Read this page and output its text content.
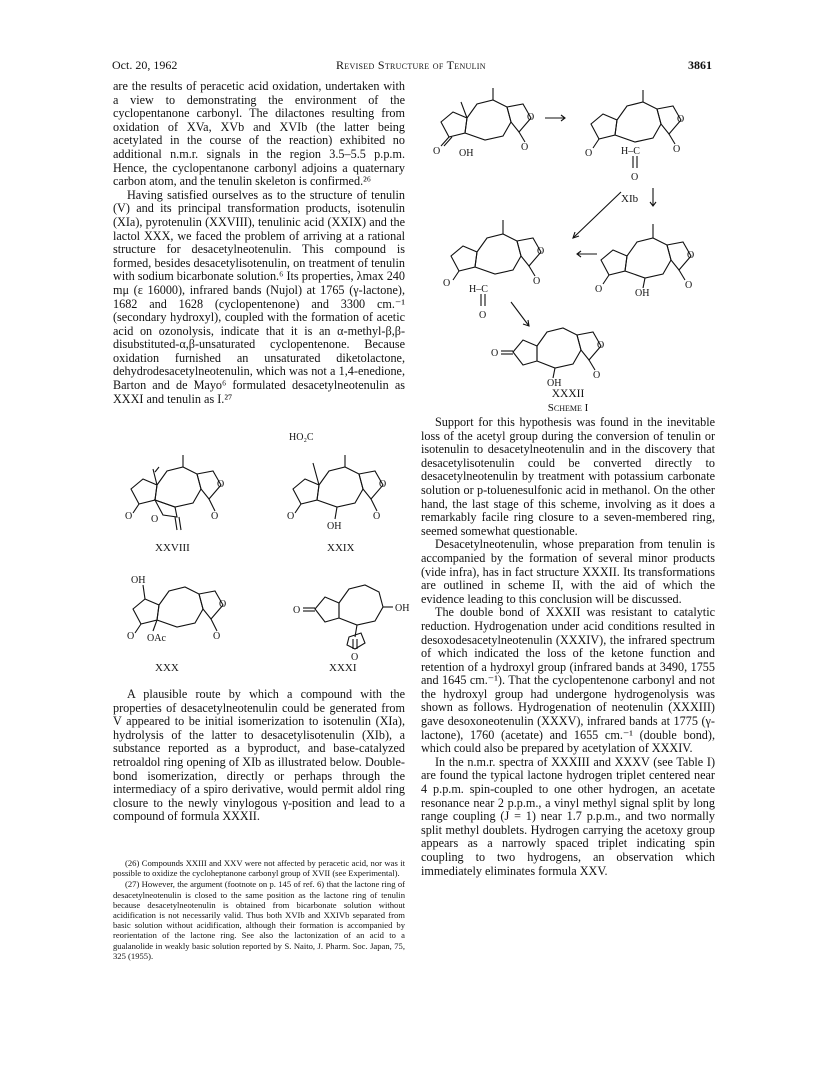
Oct. 20, 1962	Revised Structure of Tenulin	3861

are the results of peracetic acid oxidation, undertaken with a view to demonstrating the environment of the cyclopentanone carbonyl. The dilactones resulting from oxidation of XVa, XVb and XVIb (the latter being acetylated in the course of the reaction) exhibited no additional n.m.r. signals in the region 3.5–5.5 p.p.m. Hence, the cyclopentanone carbonyl adjoins a quaternary carbon atom, and the tenulin skeleton is confirmed.²⁶

Having satisfied ourselves as to the structure of tenulin (V) and its principal transformation products, isotenulin (XIa), pyrotenulin (XXVIII), tenulinic acid (XXIX) and the lactol XXX, we faced the problem of arriving at a rational structure for desacetylneotenulin. This compound is formed, besides desacetylisotenulin, on treatment of tenulin with sodium bicarbonate solution.⁶ Its properties, λmax 240 mμ (ε 16000), infrared bands (Nujol) at 1765 (γ-lactone), 1682 and 1628 (cyclopentenone) and 3300 cm.⁻¹ (secondary hydroxyl), coupled with the formation of acetic acid on ozonolysis, indicate that it is an α-methyl-β,β-disubstituted-α,β-unsaturated cyclopentenone. Because oxidation furnished an unsaturated diketolactone, dehydrodesacetylneotenulin, which was not a 1,4-enedione, Barton and de Mayo⁶ formulated desacetylneotenulin as XXXI and tenulin as I.²⁷

O
O	O
O
HO₂C
O
O	O
OH
OH
O
O	O
OAc
O	OH
O
XXVIII	XXIX
XXX	XXXI

A plausible route by which a compound with the properties of desacetylneotenulin could be generated from V appeared to be initial isomerization to isotenulin (XIa), hydrolysis of the latter to desacetylisotenulin (XIb), a substance reported as a byproduct, and base-catalyzed retroaldol ring opening of XIb as illustrated below. Double-bond isomerization, directly or perhaps through the intermediacy of a spiro derivative, would permit aldol ring closure to the newly vinylogous γ-position and lead to a compound of formula XXXII.

(26) Compounds XXIII and XXV were not affected by peracetic acid, nor was it possible to oxidize the cycloheptanone carbonyl group of XVII (see Experimental).

(27) However, the argument (footnote on p. 145 of ref. 6) that the lactone ring of desacetylneotenulin is closed to the same position as the lactone ring of tenulin because desacetylneotenulin is obtained from bicarbonate solution without acidification is not necessarily valid. Thus both XVIb and XXIVb separated from basic solution without acidification, although their formation is accompanied by reorientation of the lactone ring. See also the lactonization of an acid to a gualanolide in weakly basic solution reported by S. Naito, J. Pharm. Soc. Japan, 75, 325 (1955).

O
O	O
OH
O
O	O
H–C
O
XIb
O
O	O
H–C
O
O
O	O
OH
O
O
O
OH
XXXII
Scheme I

Support for this hypothesis was found in the inevitable loss of the acetyl group during the conversion of tenulin or isotenulin to desacetylneotenulin and in the discovery that desacetylisotenulin could be converted directly to desacetylneotenulin by treatment with potassium carbonate solution or p-toluenesulfonic acid in methanol. On the other hand, the last stage of this scheme, involving as it does a remarkably facile ring closure to a seven-membered ring, seemed somewhat questionable.

Desacetylneotenulin, whose preparation from tenulin is accompanied by the formation of several minor products (vide infra), has in fact structure XXXII. Its transformations are outlined in scheme II, with the aid of which the evidence leading to this conclusion will be discussed.

The double bond of XXXII was resistant to catalytic reduction. Hydrogenation under acid conditions resulted in desoxodesacetylneotenulin (XXXIV), the infrared spectrum of which indicated the loss of the ketone function and retention of a hydroxyl group (infrared bands at 3490, 1755 and 1645 cm.⁻¹). That the cyclopentenone carbonyl and not the hydroxyl group had undergone hydrogenolysis was shown as follows. Hydrogenation of neotenulin (XXXIII) gave desoxoneotenulin (XXXV), infrared bands at 1775 (γ-lactone), 1760 (acetate) and 1655 cm.⁻¹ (double bond), which could also be prepared by acetylation of XXXIV.

In the n.m.r. spectra of XXXIII and XXXV (see Table I) are found the typical lactone hydrogen triplet centered near 4 p.p.m. spin-coupled to one other hydrogen, an acetate resonance near 2 p.p.m., a vinyl methyl signal split by long range coupling (J = 1) near 1.7 p.p.m., and two normally split methyl doublets. Hydrogen carrying the acetoxy group appears as a narrowly spaced triplet indicating spin coupling to two hydrogens, an observation which immediately eliminates formula XXV.
